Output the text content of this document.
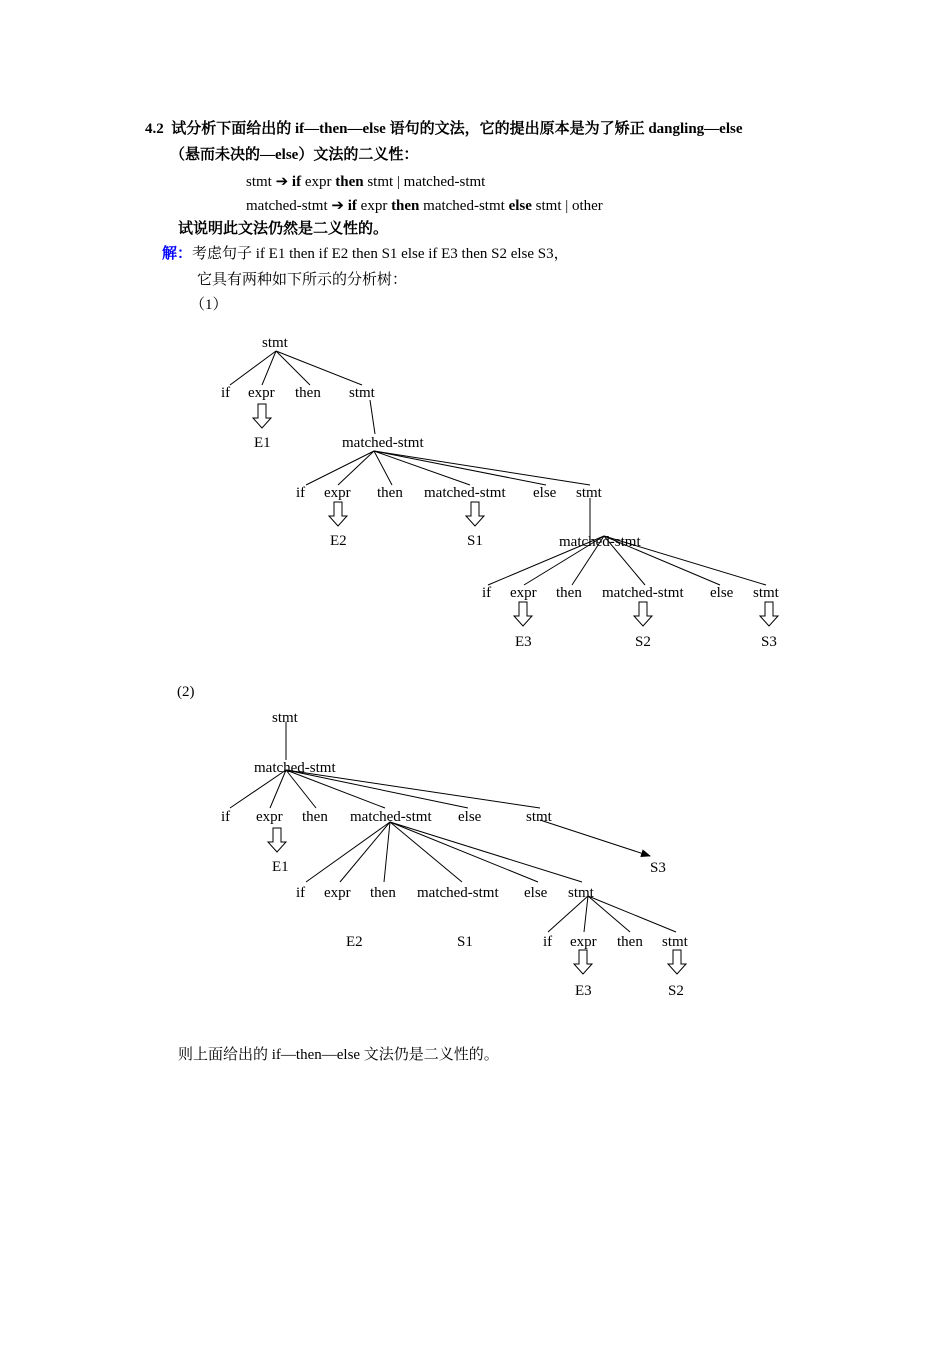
4.2 试分析下面给出的 if—then—else 语句的文法，它的提出原本是为了矫正 dangling—else
（悬而未决的—else）文法的二义性：
stmt ➔ if expr then stmt | matched-stmt
matched-stmt ➔ if expr then matched-stmt else stmt | other
试说明此文法仍然是二义性的。
解：考虑句子 if E1 then if E2 then S1 else if E3 then S2 else S3，
它具有两种如下所示的分析树：
（1）
stmt
if expr then stmt
E1	matched-stmt
if expr then matched-stmt else stmt
E2	S1	matched-stmt
if expr then matched-stmt else stmt
E3	S2	S3
(2)
stmt
matched-stmt
if expr then matched-stmt else	stmt
E1	S3
if expr then matched-stmt else stmt
E2	S1	if expr then stmt
E3	S2
则上面给出的 if—then—else 文法仍是二义性的。
